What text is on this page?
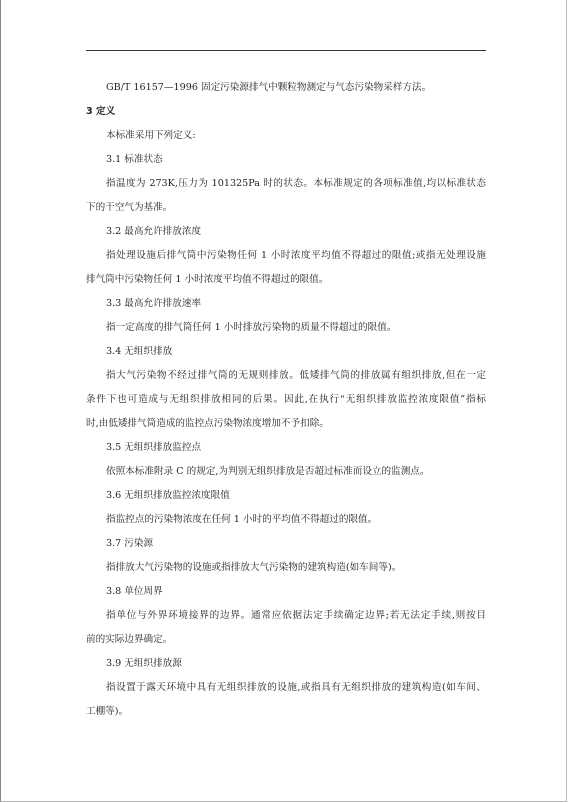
GB/T 16157—1996 固定污染源排气中颗粒物测定与气态污染物采样方法。

3 定义

本标准采用下列定义:

3.1 标准状态

指温度为 273K,压力为 101325Pa 时的状态。本标准规定的各项标准值,均以标准状态

下的干空气为基准。

3.2 最高允许排放浓度

指处理设施后排气筒中污染物任何 1 小时浓度平均值不得超过的限值;或指无处理设施

排气筒中污染物任何 1 小时浓度平均值不得超过的限值。

3.3 最高允许排放速率

指一定高度的排气筒任何 1 小时排放污染物的质量不得超过的限值。

3.4 无组织排放

指大气污染物不经过排气筒的无规则排放。低矮排气筒的排放属有组织排放,但在一定

条件下也可造成与无组织排放相同的后果。因此,在执行“无组织排放监控浓度限值”指标

时,由低矮排气筒造成的监控点污染物浓度增加不予扣除。

3.5 无组织排放监控点

依照本标准附录 C 的规定,为判别无组织排放是否超过标准而设立的监测点。

3.6 无组织排放监控浓度限值

指监控点的污染物浓度在任何 1 小时的平均值不得超过的限值。

3.7 污染源

指排放大气污染物的设施或指排放大气污染物的建筑构造(如车间等)。

3.8 单位周界

指单位与外界环境接界的边界。通常应依据法定手续确定边界;若无法定手续,则按目

前的实际边界确定。

3.9 无组织排放源

指设置于露天环境中具有无组织排放的设施,或指具有无组织排放的建筑构造(如车间、

工棚等)。
